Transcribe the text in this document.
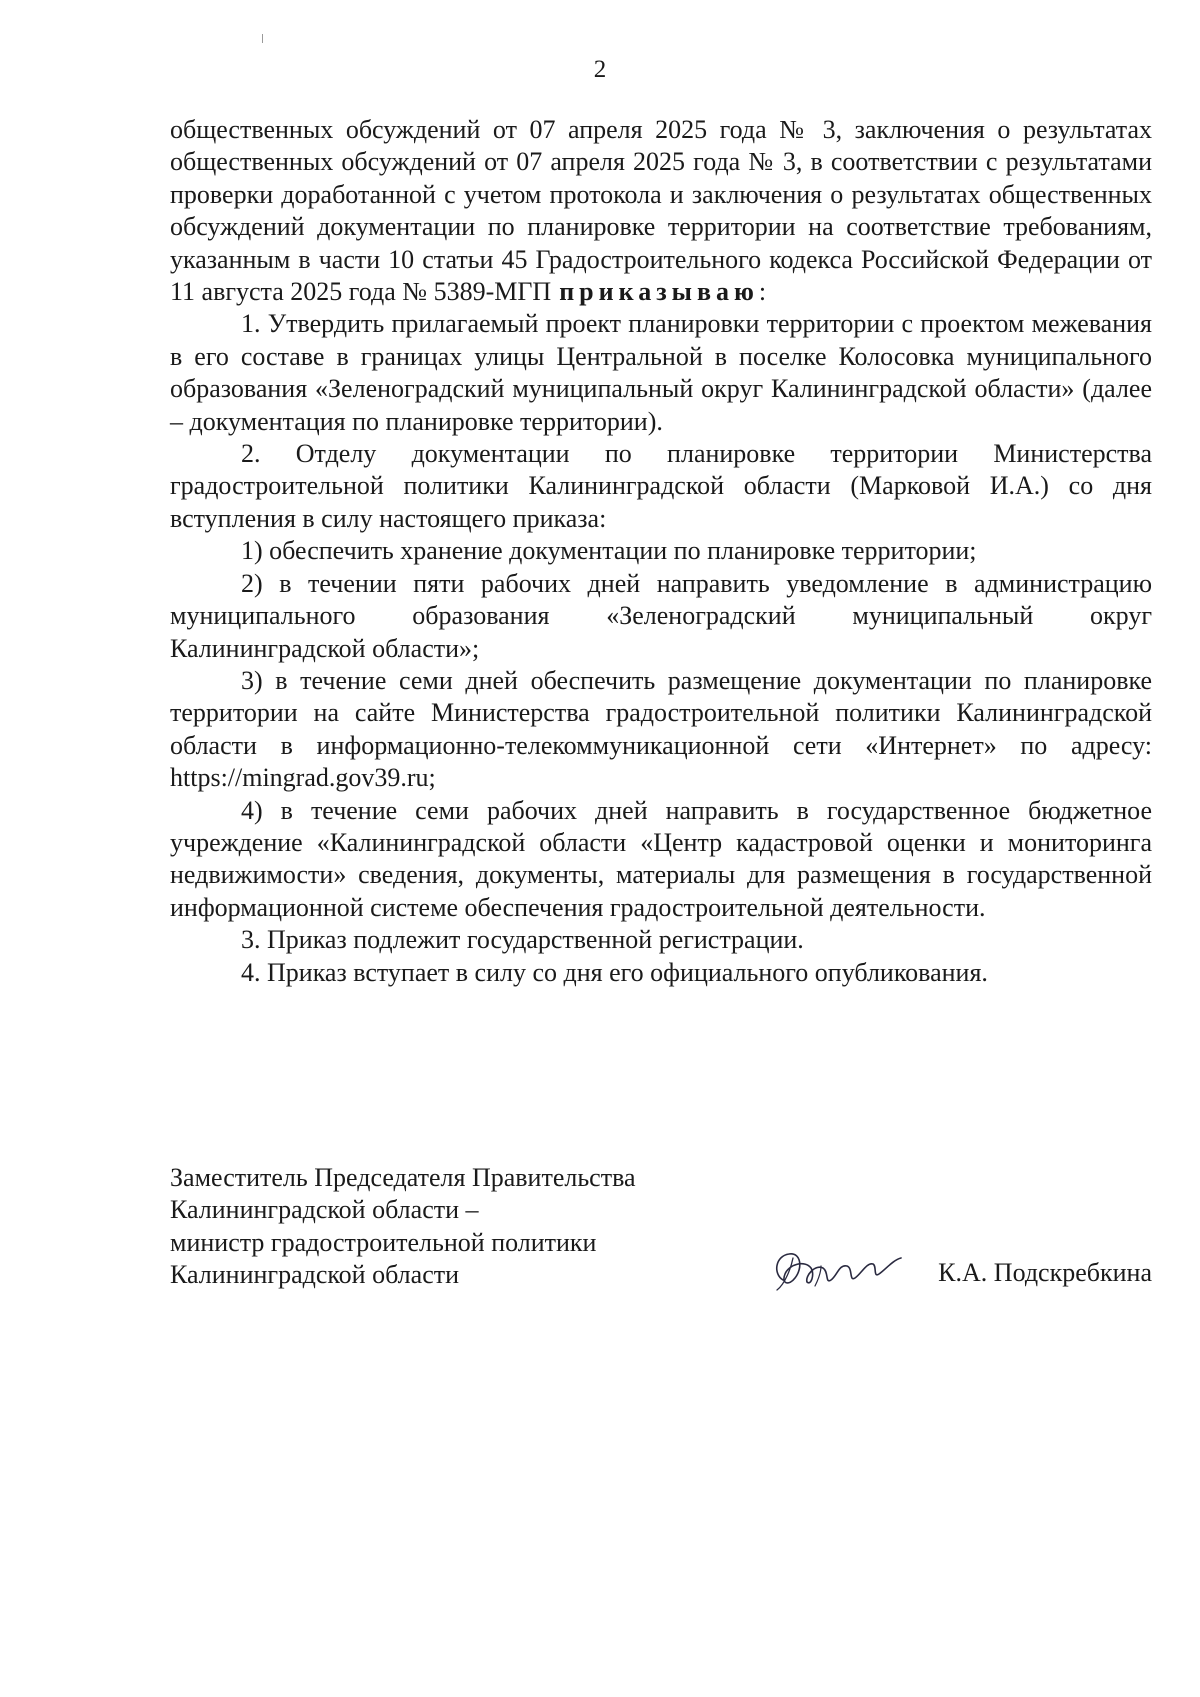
2

общественных обсуждений от 07 апреля 2025 года № 3, заключения о результатах общественных обсуждений от 07 апреля 2025 года № 3, в соответствии с результатами проверки доработанной с учетом протокола и заключения о результатах общественных обсуждений документации по планировке территории на соответствие требованиям, указанным в части 10 статьи 45 Градостроительного кодекса Российской Федерации от 11 августа 2025 года № 5389-МГП приказываю:

1. Утвердить прилагаемый проект планировки территории с проектом межевания в его составе в границах улицы Центральной в поселке Колосовка муниципального образования «Зеленоградский муниципальный округ Калининградской области» (далее – документация по планировке территории).

2. Отделу документации по планировке территории Министерства градостроительной политики Калининградской области (Марковой И.А.) со дня вступления в силу настоящего приказа:

1) обеспечить хранение документации по планировке территории;

2) в течении пяти рабочих дней направить уведомление в администрацию муниципального образования «Зеленоградский муниципальный округ Калининградской области»;

3) в течение семи дней обеспечить размещение документации по планировке территории на сайте Министерства градостроительной политики Калининградской области в информационно-телекоммуникационной сети «Интернет» по адресу: https://mingrad.gov39.ru;

4) в течение семи рабочих дней направить в государственное бюджетное учреждение «Калининградской области «Центр кадастровой оценки и мониторинга недвижимости» сведения, документы, материалы для размещения в государственной информационной системе обеспечения градостроительной деятельности.

3. Приказ подлежит государственной регистрации.

4. Приказ вступает в силу со дня его официального опубликования.

Заместитель Председателя Правительства
Калининградской области –
министр градостроительной политики
Калининградской области	К.А. Подскребкина
